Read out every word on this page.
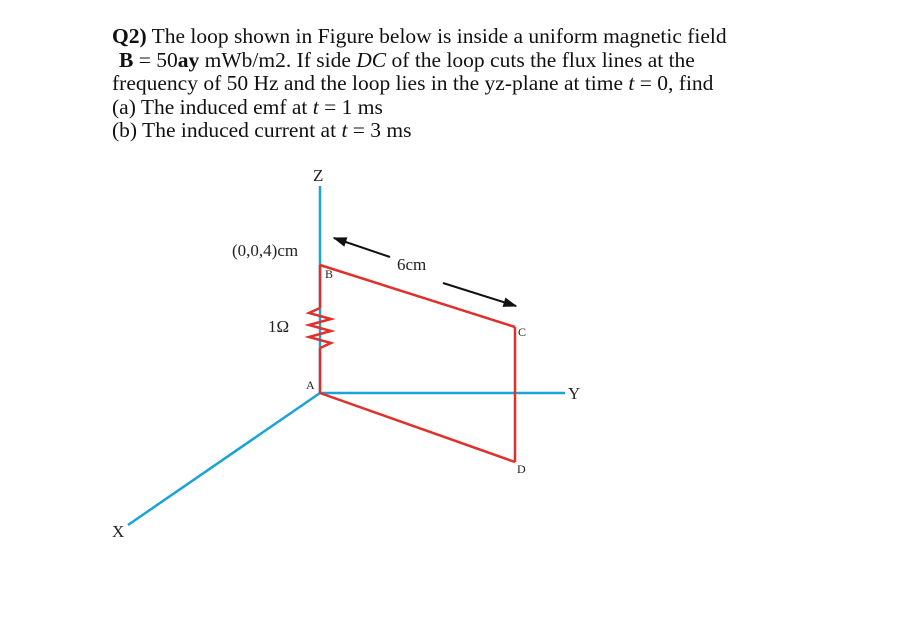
Q2) The loop shown in Figure below is inside a uniform magnetic field
B = 50ay mWb/m2. If side DC of the loop cuts the flux lines at the
frequency of 50 Hz and the loop lies in the yz-plane at time t = 0, find
(a) The induced emf at t = 1 ms
(b) The induced current at t = 3 ms
Z
Y
X
(0,0,4)cm
6cm
1Ω
A
B
C
D
